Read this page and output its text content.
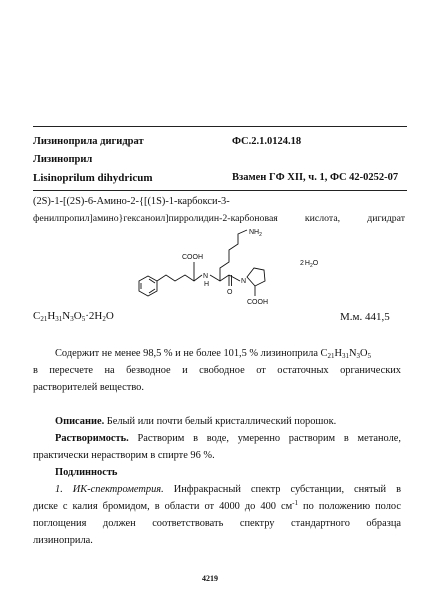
Лизиноприла дигидрат	ФС.2.1.0124.18
Лизиноприл
Lisinoprilum dihydricum	Взамен ГФ XII, ч. 1, ФС 42-0252-07
(2S)-1-[(2S)-6-Амино-2-{[(1S)-1-карбокси-3-
фенилпропил]амино}гексаноил]пирролидин-2-карбоновая кислота, дигидрат
$NH_2$
COOH
N
H
O
N
COOH
$2H_2O$
$C_{21}H_{31}N_3O_5\cdot 2H_2O$	М.м. 441,5
Содержит не менее 98,5 % и не более 101,5 % лизиноприла $C_{21}H_{31}N_3O_5$
в пересчете на безводное и свободное от остаточных органических
растворителей вещество.
Описание. Белый или почти белый кристаллический порошок.
Растворимость. Растворим в воде, умеренно растворим в метаноле,
практически нерастворим в спирте 96 %.
Подлинность
1. ИК-спектрометрия. Инфракрасный спектр субстанции, снятый в
диске с калия бромидом, в области от 4000 до 400 $см^{-1}$ по положению полос
поглощения должен соответствовать спектру стандартного образца
лизиноприла.
4219
